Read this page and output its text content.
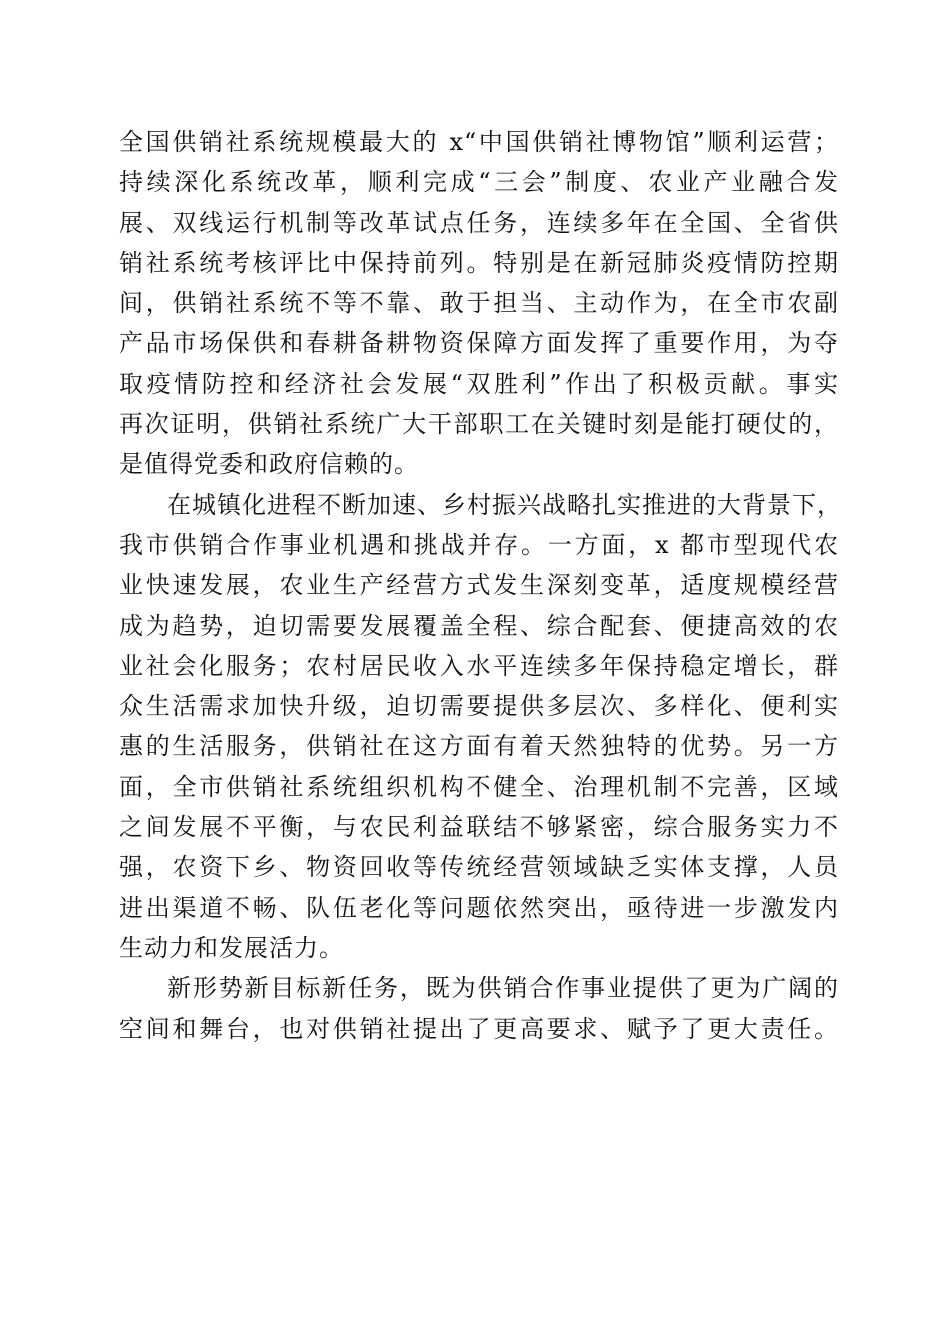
全国供销社系统规模最大的 x“中国供销社博物馆”顺利运营；
持续深化系统改革，顺利完成“三会”制度、农业产业融合发
展、双线运行机制等改革试点任务，连续多年在全国、全省供
销社系统考核评比中保持前列。特别是在新冠肺炎疫情防控期
间，供销社系统不等不靠、敢于担当、主动作为，在全市农副
产品市场保供和春耕备耕物资保障方面发挥了重要作用，为夺
取疫情防控和经济社会发展“双胜利”作出了积极贡献。事实
再次证明，供销社系统广大干部职工在关键时刻是能打硬仗的，
是值得党委和政府信赖的。
在城镇化进程不断加速、乡村振兴战略扎实推进的大背景下，
我市供销合作事业机遇和挑战并存。一方面，x 都市型现代农
业快速发展，农业生产经营方式发生深刻变革，适度规模经营
成为趋势，迫切需要发展覆盖全程、综合配套、便捷高效的农
业社会化服务；农村居民收入水平连续多年保持稳定增长，群
众生活需求加快升级，迫切需要提供多层次、多样化、便利实
惠的生活服务，供销社在这方面有着天然独特的优势。另一方
面，全市供销社系统组织机构不健全、治理机制不完善，区域
之间发展不平衡，与农民利益联结不够紧密，综合服务实力不
强，农资下乡、物资回收等传统经营领域缺乏实体支撑，人员
进出渠道不畅、队伍老化等问题依然突出，亟待进一步激发内
生动力和发展活力。
新形势新目标新任务，既为供销合作事业提供了更为广阔的
空间和舞台，也对供销社提出了更高要求、赋予了更大责任。
